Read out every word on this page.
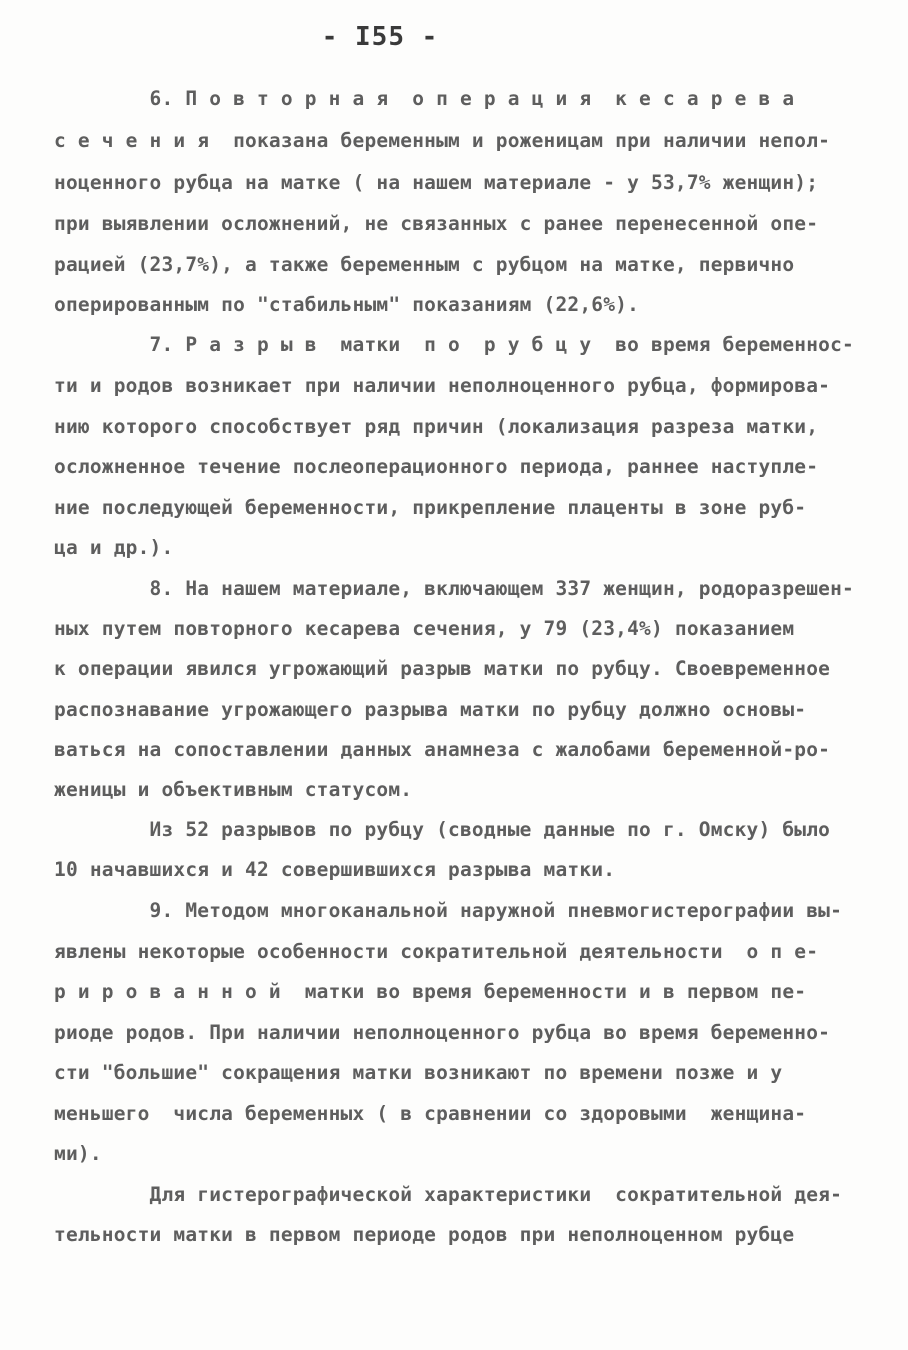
- I55 -
6. П о в т о р н а я  о п е р а ц и я  к е с а р е в а
с е ч е н и я  показана беременным и роженицам при наличии непол-
ноценного рубца на матке ( на нашем материале - у 53,7% женщин);
при выявлении осложнений, не связанных с ранее перенесенной опе-
рацией (23,7%), а также беременным с рубцом на матке, первично
оперированным по "стабильным" показаниям (22,6%).
7. Р а з р ы в  матки  п о  р у б ц у  во время беременнос-
ти и родов возникает при наличии неполноценного рубца, формирова-
нию которого способствует ряд причин (локализация разреза матки,
осложненное течение послеоперационного периода, раннее наступле-
ние последующей беременности, прикрепление плаценты в зоне руб-
ца и др.).
8. На нашем материале, включающем 337 женщин, родоразрешен-
ных путем повторного кесарева сечения, у 79 (23,4%) показанием
к операции явился угрожающий разрыв матки по рубцу. Своевременное
распознавание угрожающего разрыва матки по рубцу должно основы-
ваться на сопоставлении данных анамнеза с жалобами беременной-ро-
женицы и объективным статусом.
Из 52 разрывов по рубцу (сводные данные по г. Омску) было
10 начавшихся и 42 совершившихся разрыва матки.
9. Методом многоканальной наружной пневмогистерографии вы-
явлены некоторые особенности сократительной деятельности  о п е-
р и р о в а н н о й  матки во время беременности и в первом пе-
риоде родов. При наличии неполноценного рубца во время беременно-
сти "большие" сокращения матки возникают по времени позже и у
меньшего  числа беременных ( в сравнении со здоровыми  женщина-
ми).
Для гистерографической характеристики  сократительной дея-
тельности матки в первом периоде родов при неполноценном рубце
